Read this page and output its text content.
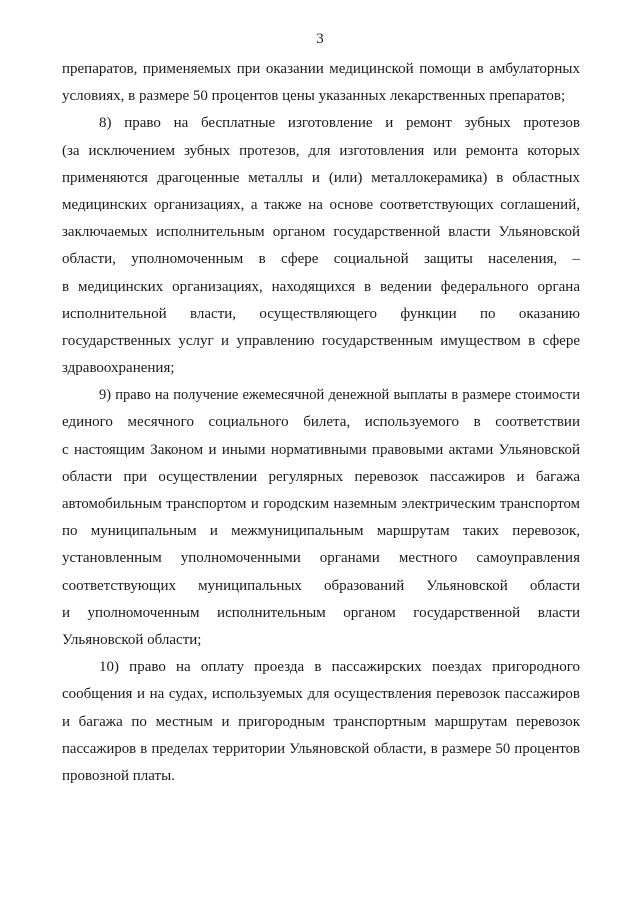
3
препаратов, применяемых при оказании медицинской помощи в амбулаторных
условиях, в размере 50 процентов цены указанных лекарственных препаратов;
8) право на бесплатные изготовление и ремонт зубных протезов
(за исключением зубных протезов, для изготовления или ремонта которых
применяются драгоценные металлы и (или) металлокерамика) в областных
медицинских организациях, а также на основе соответствующих соглашений,
заключаемых исполнительным органом государственной власти Ульяновской
области, уполномоченным в сфере социальной защиты населения, –
в медицинских организациях, находящихся в ведении федерального органа
исполнительной власти, осуществляющего функции по оказанию
государственных услуг и управлению государственным имуществом в сфере
здравоохранения;
9) право на получение ежемесячной денежной выплаты в размере стоимости
единого месячного социального билета, используемого в соответствии
с настоящим Законом и иными нормативными правовыми актами Ульяновской
области при осуществлении регулярных перевозок пассажиров и багажа
автомобильным транспортом и городским наземным электрическим транспортом
по муниципальным и межмуниципальным маршрутам таких перевозок,
установленным уполномоченными органами местного самоуправления
соответствующих муниципальных образований Ульяновской области
и уполномоченным исполнительным органом государственной власти
Ульяновской области;
10) право на оплату проезда в пассажирских поездах пригородного
сообщения и на судах, используемых для осуществления перевозок пассажиров
и багажа по местным и пригородным транспортным маршрутам перевозок
пассажиров в пределах территории Ульяновской области, в размере 50 процентов
провозной платы.
